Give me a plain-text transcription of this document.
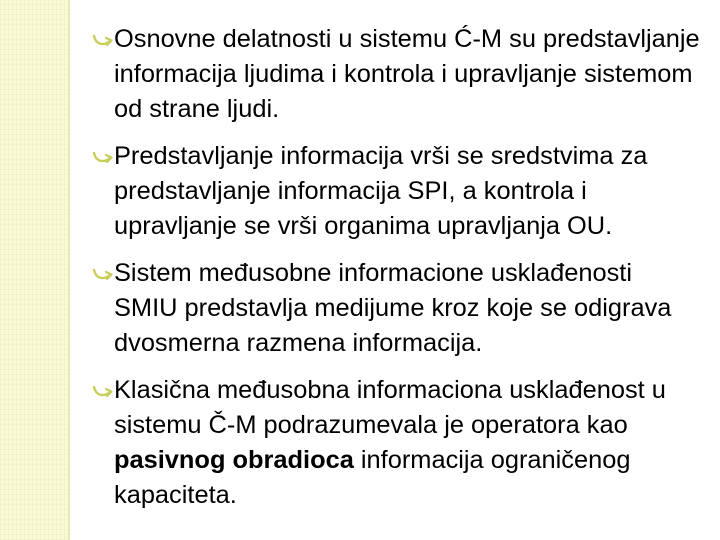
Osnovne delatnosti u sistemu Ć-M su predstavljanje informacija ljudima i kontrola i upravljanje sistemom od strane ljudi.
Predstavljanje informacija vrši se sredstvima za predstavljanje informacija SPI, a kontrola i upravljanje se vrši organima upravljanja OU.
Sistem međusobne informacione usklađenosti SMIU predstavlja medijume kroz koje se odigrava dvosmerna razmena informacija.
Klasična međusobna informaciona usklađenost u sistemu Č-M podrazumevala je operatora kao pasivnog obradioca informacija ograničenog kapaciteta.
